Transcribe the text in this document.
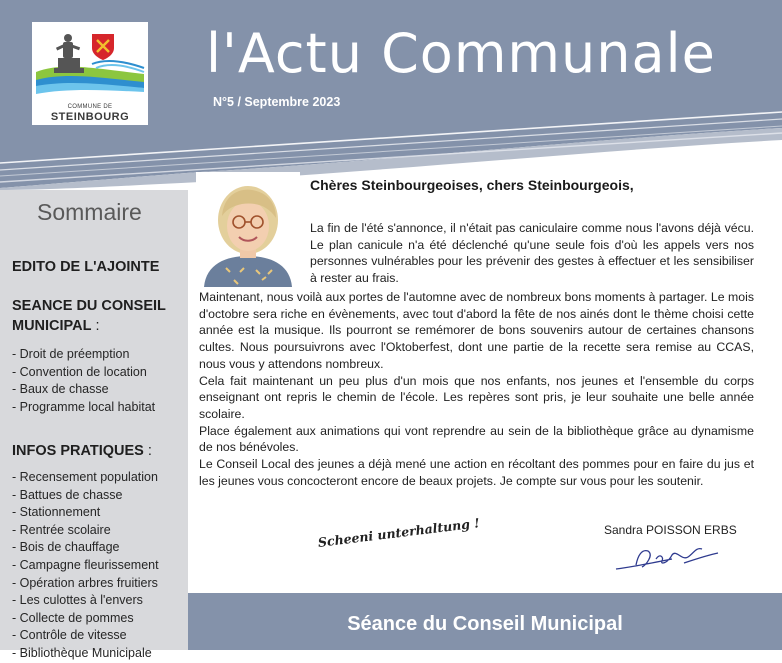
COMMUNE DE
STEINBOURG
l'Actu Communale
N°5 / Septembre 2023
Sommaire
EDITO DE L'AJOINTE
SEANCE DU CONSEIL MUNICIPAL :
- Droit de préemption
- Convention de location
- Baux de chasse
- Programme local habitat
INFOS PRATIQUES :
- Recensement population
- Battues de chasse
- Stationnement
- Rentrée scolaire
- Bois de chauffage
- Campagne fleurissement
- Opération arbres fruitiers
- Les culottes à l'envers
- Collecte de pommes
- Contrôle de vitesse
- Bibliothèque Municipale
Chères Steinbourgeoises, chers Steinbourgeois,

La fin de l'été s'annonce, il n'était pas caniculaire comme nous l'avons déjà vécu. Le plan canicule n'a été déclenché qu'une seule fois d'où les appels vers nos personnes vulnérables pour les prévenir des gestes à effectuer et les sensibiliser à rester au frais.

Maintenant, nous voilà aux portes de l'automne avec de nombreux bons moments à partager. Le mois d'octobre sera riche en évènements, avec tout d'abord la fête de nos ainés dont le thème choisi cette année est la musique. Ils pourront se remémorer de bons souvenirs autour de certaines chansons cultes. Nous poursuivrons avec l'Oktoberfest, dont une partie de la recette sera remise au CCAS, nous vous y attendons nombreux.

Cela fait maintenant un peu plus d'un mois que nos enfants, nos jeunes et l'ensemble du corps enseignant ont repris le chemin de l'école. Les repères sont pris, je leur souhaite une belle année scolaire.

Place également aux animations qui vont reprendre au sein de la bibliothèque grâce au dynamisme de nos bénévoles.

Le Conseil Local des jeunes a déjà mené une action en récoltant des pommes pour en faire du jus et les jeunes vous concocteront encore de beaux projets. Je compte sur vous pour les soutenir.

Scheeni unterhaltung !	Sandra POISSON ERBS
Séance du Conseil Municipal
